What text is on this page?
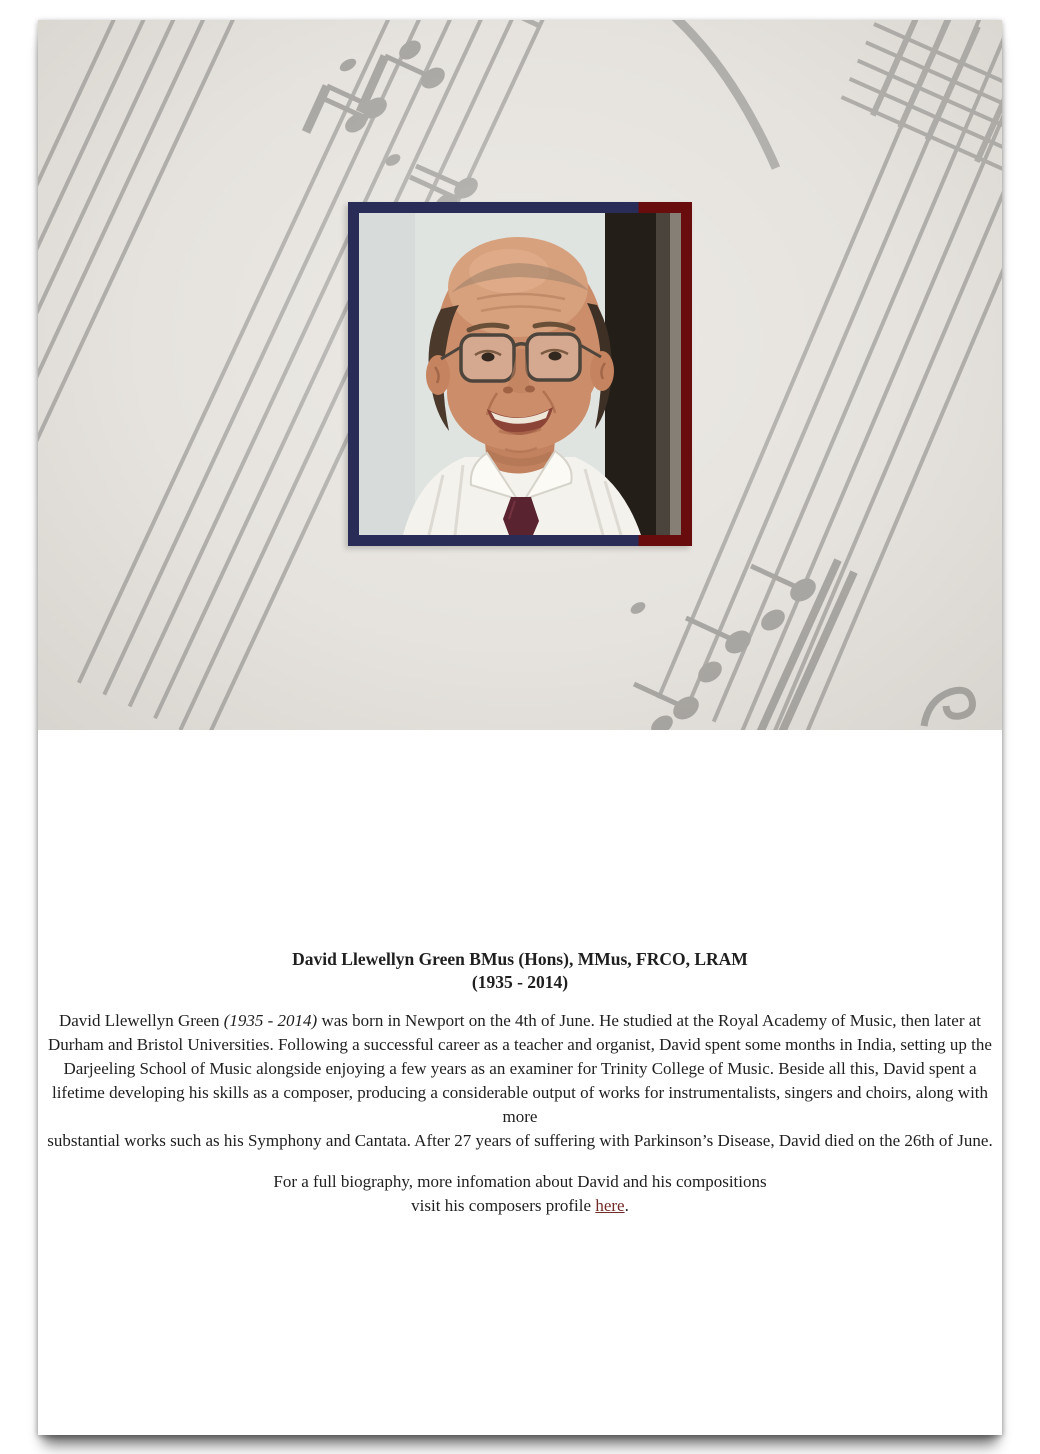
David Llewellyn Green BMus (Hons), MMus, FRCO, LRAM
(1935 - 2014)

David Llewellyn Green (1935 - 2014) was born in Newport on the 4th of June. He studied at the Royal Academy of Music, then later at Durham and Bristol Universities. Following a successful career as a teacher and organist, David spent some months in India, setting up the Darjeeling School of Music alongside enjoying a few years as an examiner for Trinity College of Music. Beside all this, David spent a lifetime developing his skills as a composer, producing a considerable output of works for instrumentalists, singers and choirs, along with more
substantial works such as his Symphony and Cantata. After 27 years of suffering with Parkinson’s Disease, David died on the 26th of June.

For a full biography, more infomation about David and his compositions
visit his composers profile here.
